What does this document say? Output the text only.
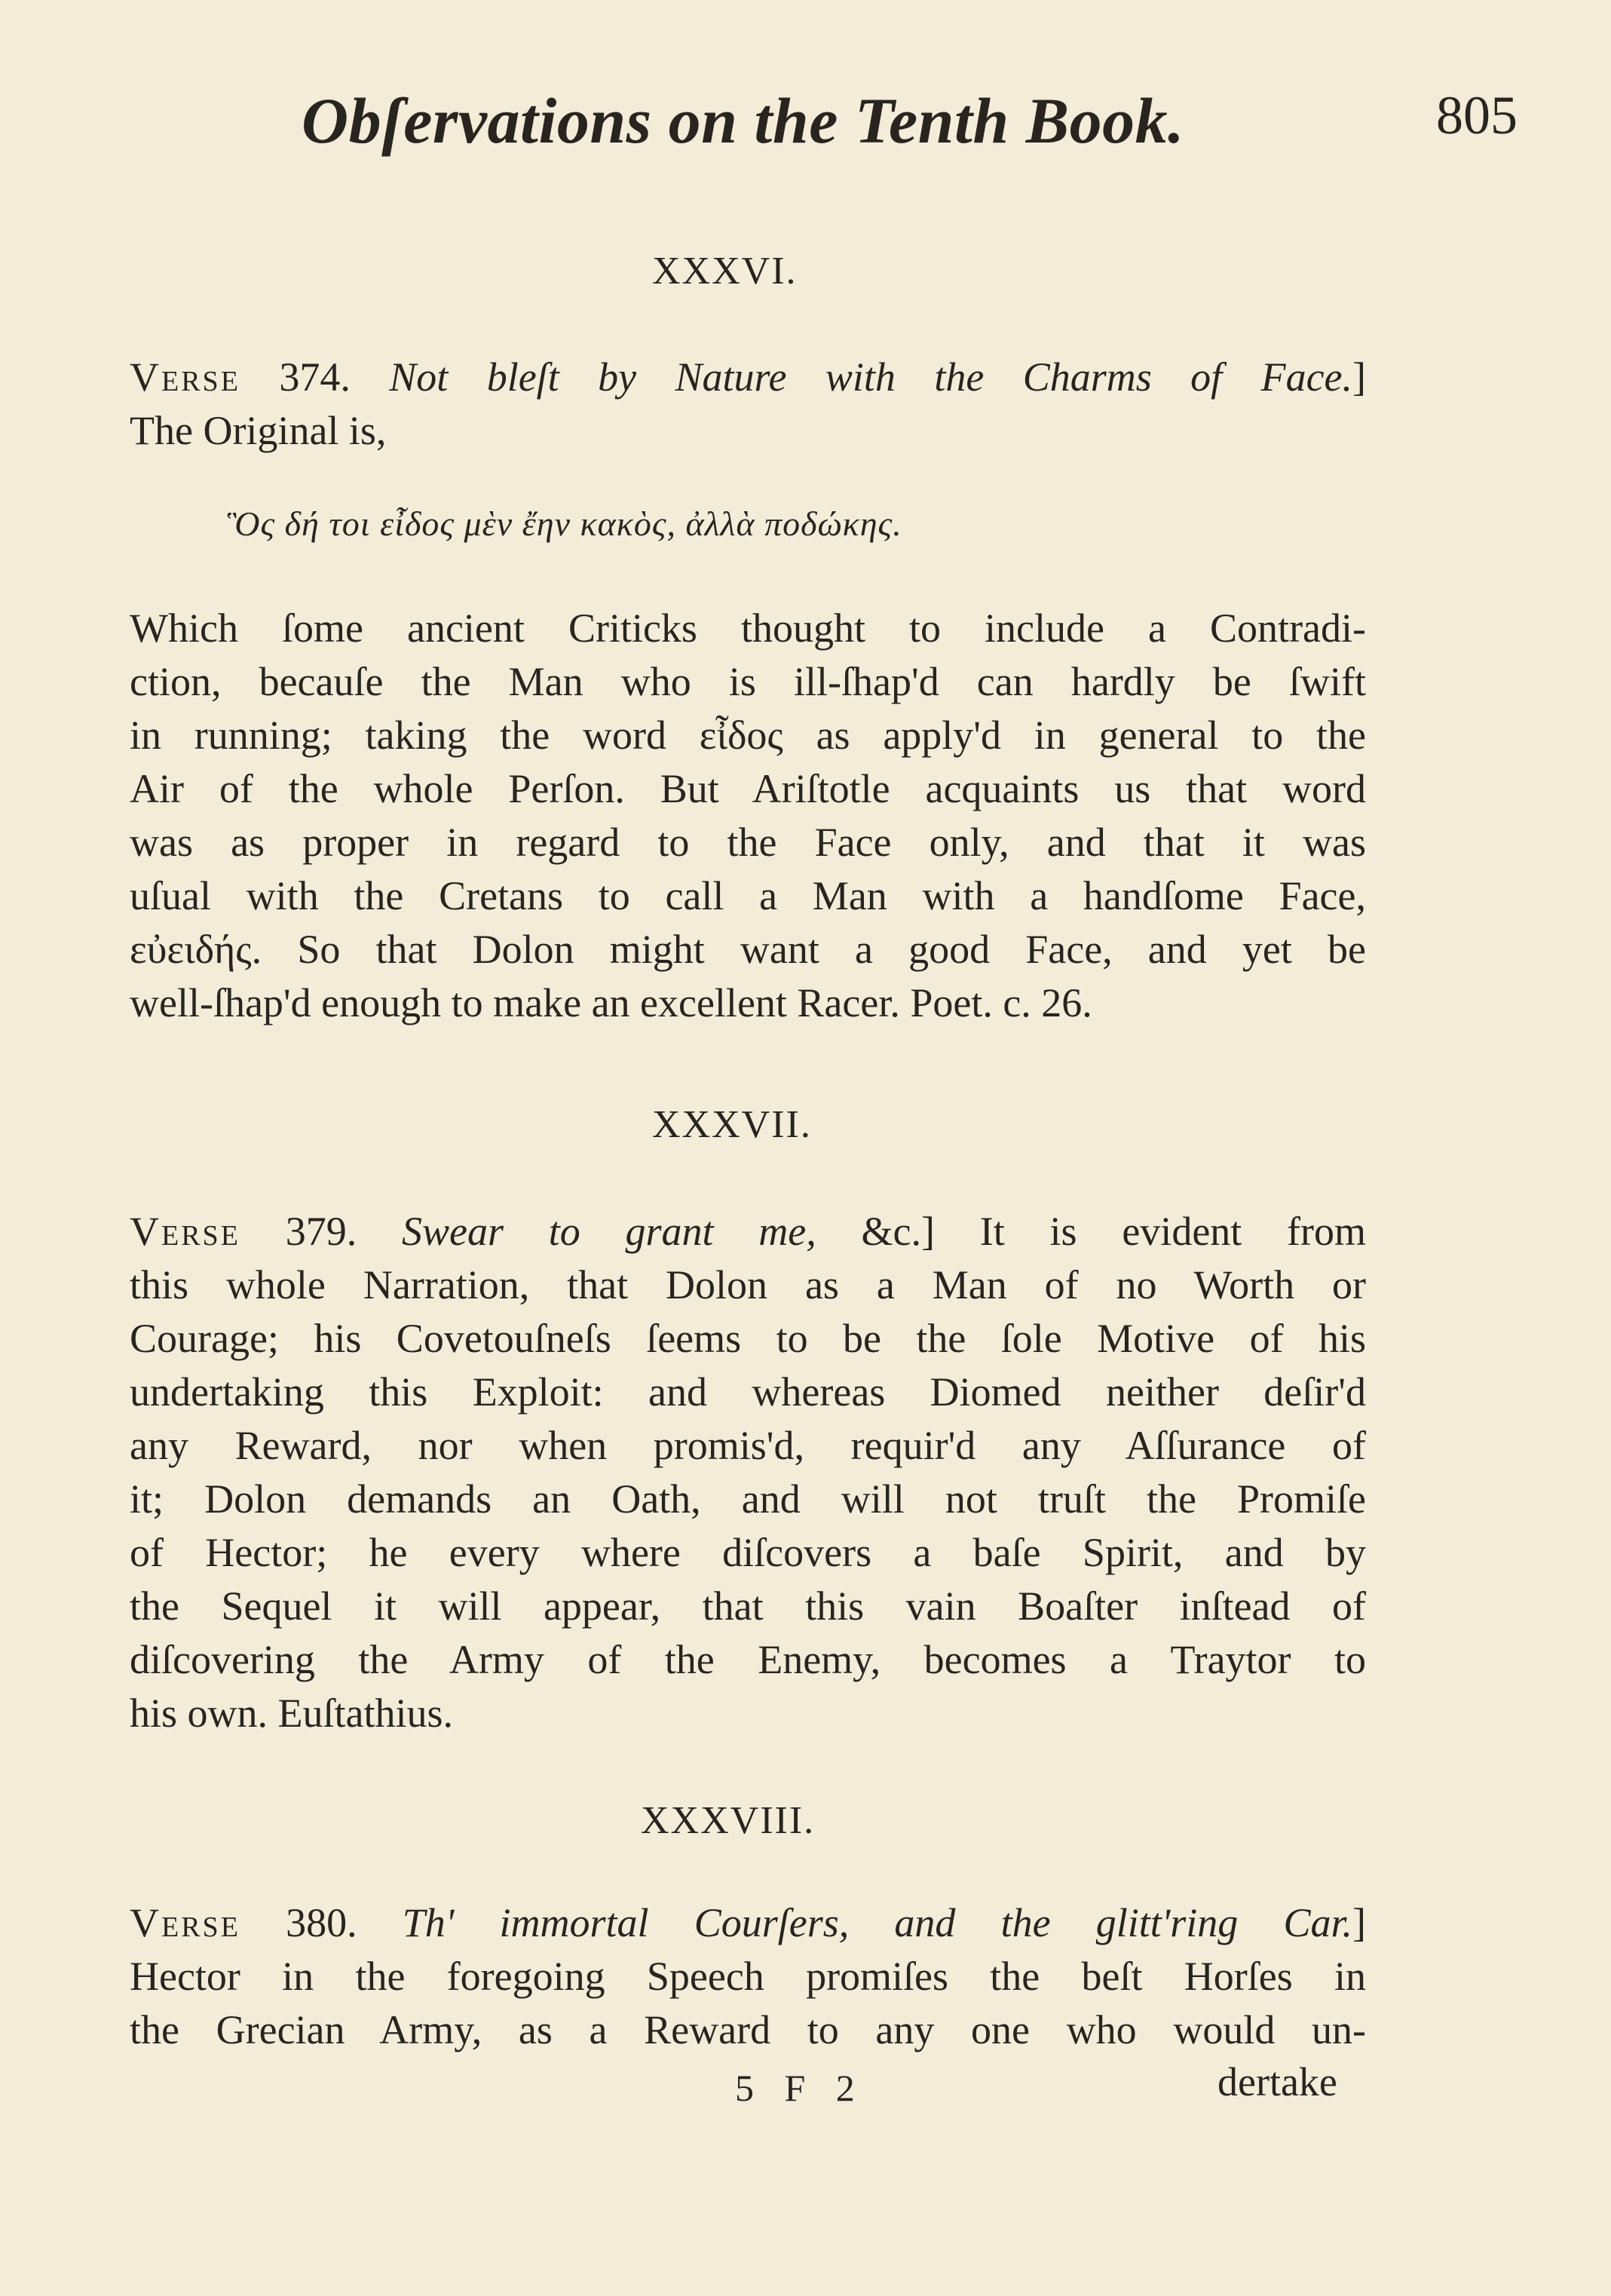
Obſervations on the Tenth Book.	805
XXXVI.

Verse 374. Not bleſt by Nature with the Charms of Face.]
The Original is,

Ὃς δή τοι εἶδος μὲν ἔην κακὸς, ἀλλὰ ποδώκης.

Which ſome ancient Criticks thought to include a Contradi-
ction, becauſe the Man who is ill-ſhap'd can hardly be ſwift
in running; taking the word εἶδος as apply'd in general to the
Air of the whole Perſon. But Ariſtotle acquaints us that word
was as proper in regard to the Face only, and that it was
uſual with the Cretans to call a Man with a handſome Face,
εὐειδής. So that Dolon might want a good Face, and yet be
well-ſhap'd enough to make an excellent Racer. Poet. c. 26.

XXXVII.

Verse 379. Swear to grant me, &c.] It is evident from
this whole Narration, that Dolon as a Man of no Worth or
Courage; his Covetouſneſs ſeems to be the ſole Motive of his
undertaking this Exploit: and whereas Diomed neither deſir'd
any Reward, nor when promis'd, requir'd any Aſſurance of
it; Dolon demands an Oath, and will not truſt the Promiſe
of Hector; he every where diſcovers a baſe Spirit, and by
the Sequel it will appear, that this vain Boaſter inſtead of
diſcovering the Army of the Enemy, becomes a Traytor to
his own. Euſtathius.

XXXVIII.

Verse 380. Th' immortal Courſers, and the glitt'ring Car.]
Hector in the foregoing Speech promiſes the beſt Horſes in
the Grecian Army, as a Reward to any one who would un-

5 F 2	dertake
